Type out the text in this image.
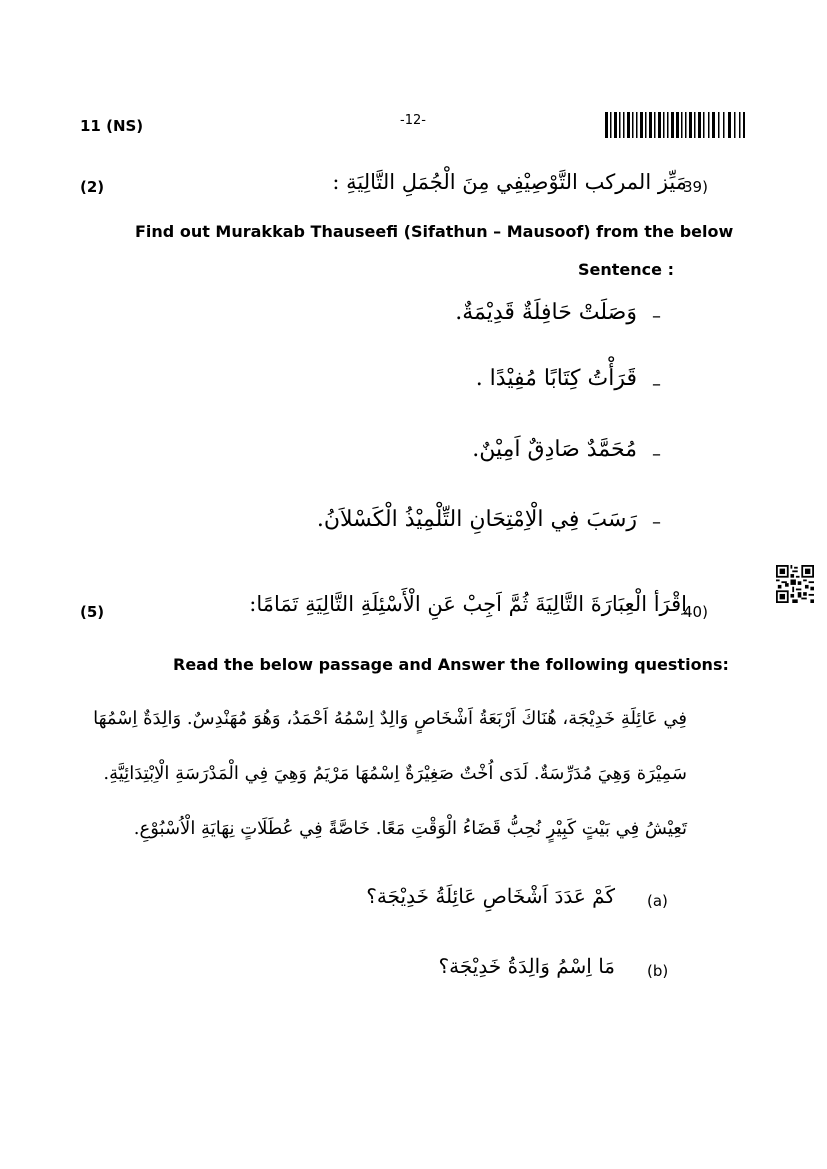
11 (NS)	-12-
(2)	مَيِّز المركب التَّوْصِيْفِي مِنَ الْجُمَلِ التَّالِيَةِ :
39)
Find out Murakkab Thauseefi (Sifathun – Mausoof) from the below
Sentence :
وَصَلَتْ حَافِلَةٌ قَدِيْمَةٌ. –
قَرَأْتُ كِتَابًا مُفِيْدًا . –
مُحَمَّدٌ صَادِقٌ اَمِيْنٌ. –
رَسَبَ فِي الْاِمْتِحَانِ التِّلْمِيْذُ الْكَسْلاَنُ. –
(5)	اِقْرَأ الْعِبَارَةَ التَّالِيَةَ ثُمَّ اَجِبْ عَنِ الْأَسْئِلَةِ التَّالِيَةِ تَمَامًا:
40)
Read the below passage and Answer the following questions:
فِي عَائِلَةِ خَدِيْجَة، هُنَاكَ اَرْبَعَةُ اَشْخَاصٍ وَالِدٌ اِسْمُهُ اَحْمَدُ، وَهُوَ مُهَنْدِسٌ. وَالِدَةٌ اِسْمُهَا
سَمِيْرَة وَهِيَ مُدَرِّسَةٌ. لَدَى اُخْتٌ صَغِيْرَةٌ اِسْمُهَا مَرْيَمُ وَهِيَ فِي الْمَدْرَسَةِ الْاِبْتِدَائِيَّةِ.
تَعِيْشُ فِي بَيْتٍ كَبِيْرٍ نُحِبُّ قَضَاءُ الْوَقْتِ مَعًا. خَاصَّةً فِي عُطَلَاتٍ نِهَايَةِ الْاُسْبُوْعِ.
كَمْ عَدَدَ اَشْخَاصِ عَائِلَةُ خَدِيْجَة؟ (a)
مَا اِسْمُ وَالِدَةُ خَدِيْجَة؟ (b)
